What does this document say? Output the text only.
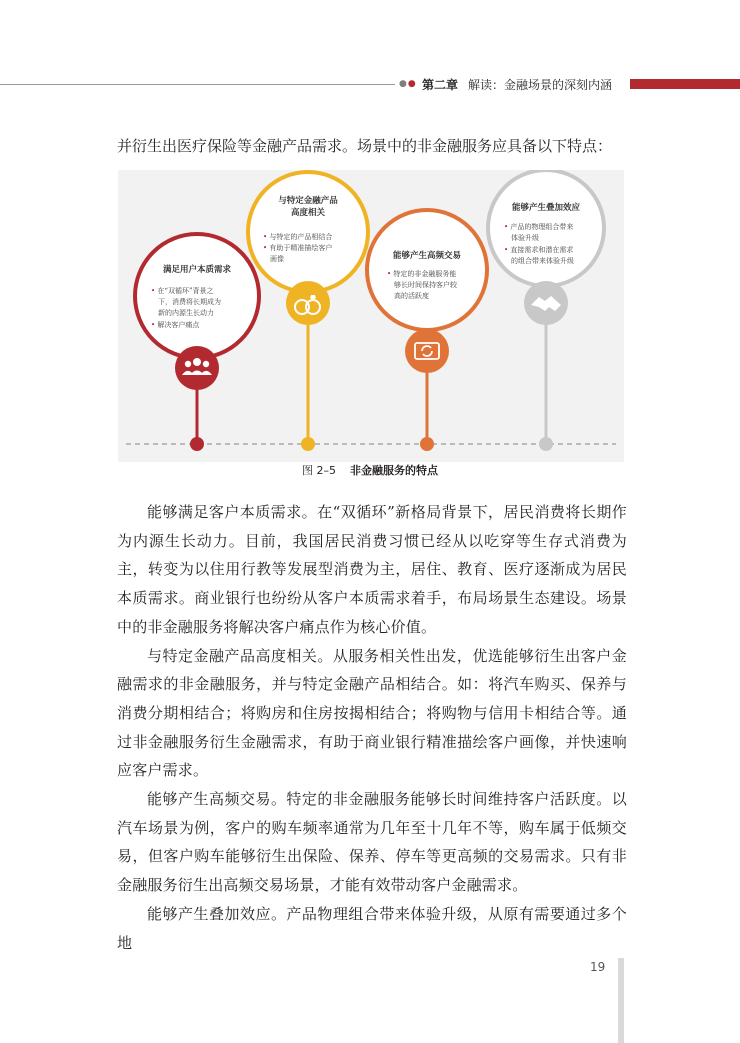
●● 第二章 解读：金融场景的深刻内涵
并衍生出医疗保险等金融产品需求。场景中的非金融服务应具备以下特点：
能够产生叠加效应
• 产品的物理组合带来
体验升级
• 直接需求和潜在需求
的组合带来体验升级
与特定金融产品
高度相关
• 与特定的产品相结合
• 有助于精准描绘客户
画像	能够产生高频交易
• 特定的非金融服务能
够长时间保持客户较
高的活跃度
满足用户本质需求
• 在“双循环”背景之
下，消费将长期成为
新的内源生长动力
• 解决客户痛点
图 2–5 非金融服务的特点

能够满足客户本质需求。在“双循环”新格局背景下，居民消费将长期作为内源生长动力。目前，我国居民消费习惯已经从以吃穿等生存式消费为主，转变为以住用行教等发展型消费为主，居住、教育、医疗逐渐成为居民本质需求。商业银行也纷纷从客户本质需求着手，布局场景生态建设。场景中的非金融服务将解决客户痛点作为核心价值。

与特定金融产品高度相关。从服务相关性出发，优选能够衍生出客户金融需求的非金融服务，并与特定金融产品相结合。如：将汽车购买、保养与消费分期相结合；将购房和住房按揭相结合；将购物与信用卡相结合等。通过非金融服务衍生金融需求，有助于商业银行精准描绘客户画像，并快速响应客户需求。

能够产生高频交易。特定的非金融服务能够长时间维持客户活跃度。以汽车场景为例，客户的购车频率通常为几年至十几年不等，购车属于低频交易，但客户购车能够衍生出保险、保养、停车等更高频的交易需求。只有非金融服务衍生出高频交易场景，才能有效带动客户金融需求。

能够产生叠加效应。产品物理组合带来体验升级，从原有需要通过多个地

19
